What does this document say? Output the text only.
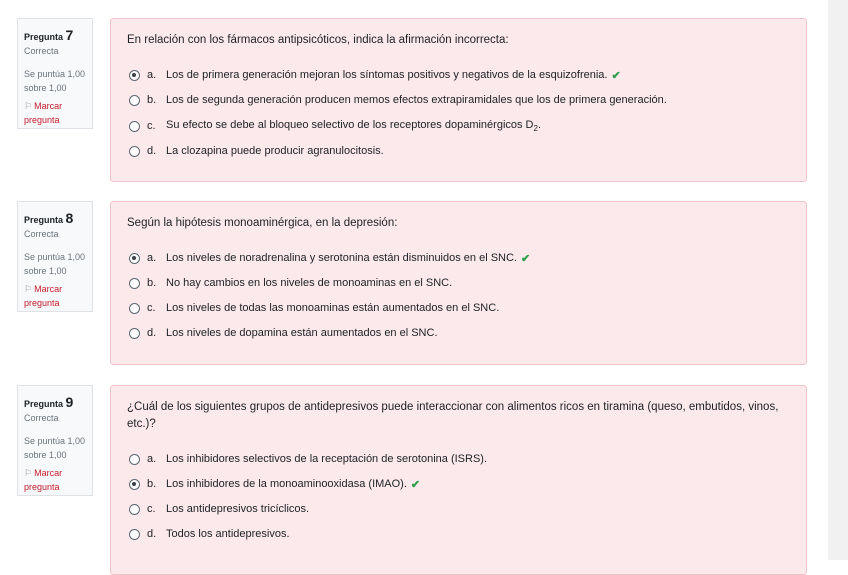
Pregunta 7
Correcta
Se puntúa 1,00 sobre 1,00
⚐ Marcar pregunta
En relación con los fármacos antipsicóticos, indica la afirmación incorrecta:
a. Los de primera generación mejoran los síntomas positivos y negativos de la esquizofrenia. ✔
b. Los de segunda generación producen memos efectos extrapiramidales que los de primera generación.
c. Su efecto se debe al bloqueo selectivo de los receptores dopaminérgicos $D_2$.
d. La clozapina puede producir agranulocitosis.
Pregunta 8
Correcta
Se puntúa 1,00 sobre 1,00
⚐ Marcar pregunta
Según la hipótesis monoaminérgica, en la depresión:
a. Los niveles de noradrenalina y serotonina están disminuidos en el SNC. ✔
b. No hay cambios en los niveles de monoaminas en el SNC.
c. Los niveles de todas las monoaminas están aumentados en el SNC.
d. Los niveles de dopamina están aumentados en el SNC.
Pregunta 9
Correcta
Se puntúa 1,00 sobre 1,00
⚐ Marcar pregunta
¿Cuál de los siguientes grupos de antidepresivos puede interaccionar con alimentos ricos en tiramina (queso, embutidos, vinos, etc.)?
a. Los inhibidores selectivos de la receptación de serotonina (ISRS).
b. Los inhibidores de la monoaminooxidasa (IMAO). ✔
c. Los antidepresivos tricíclicos.
d. Todos los antidepresivos.
